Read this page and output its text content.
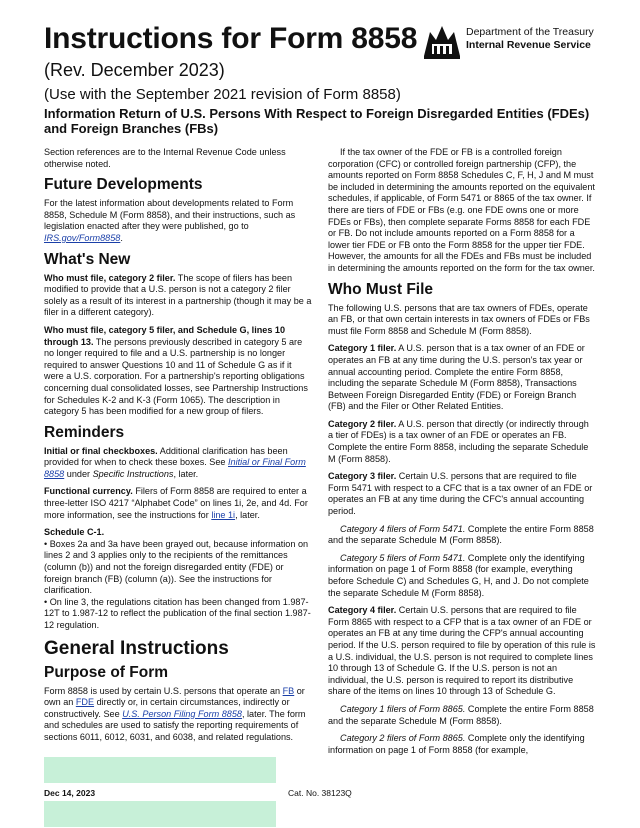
Instructions for Form 8858
(Rev. December 2023)
(Use with the September 2021 revision of Form 8858)
Information Return of U.S. Persons With Respect to Foreign Disregarded Entities (FDEs) and Foreign Branches (FBs)
Department of the Treasury
Internal Revenue Service

Section references are to the Internal Revenue Code unless otherwise noted.

Future Developments

For the latest information about developments related to Form 8858, Schedule M (Form 8858), and their instructions, such as legislation enacted after they were published, go to IRS.gov/Form8858.

What's New

Who must file, category 2 filer. The scope of filers has been modified to provide that a U.S. person is not a category 2 filer solely as a result of its interest in a partnership (though it may be a filer in a different category).

Who must file, category 5 filer, and Schedule G, lines 10 through 13. The persons previously described in category 5 are no longer required to file and a U.S. partnership is no longer required to answer Questions 10 and 11 of Schedule G as if it were a U.S. corporation. For a partnership's reporting obligations concerning dual consolidated losses, see Partnership Instructions for Schedules K-2 and K-3 (Form 1065). The description in category 5 has been modified for a new group of filers.

Reminders

Initial or final checkboxes. Additional clarification has been provided for when to check these boxes. See Initial or Final Form 8858 under Specific Instructions, later.

Functional currency. Filers of Form 8858 are required to enter a three-letter ISO 4217 “Alphabet Code” on lines 1i, 2e, and 4d. For more information, see the instructions for line 1i, later.

Schedule C-1.

• Boxes 2a and 3a have been grayed out, because information on lines 2 and 3 applies only to the recipients of the remittances (column (b)) and not the foreign disregarded entity (FDE) or foreign branch (FB) (column (a)). See the instructions for clarification.

• On line 3, the regulations citation has been changed from 1.987-12T to 1.987-12 to reflect the publication of the final section 1.987-12 regulation.

General Instructions
Purpose of Form

Form 8858 is used by certain U.S. persons that operate an FB or own an FDE directly or, in certain circumstances, indirectly or constructively. See U.S. Person Filing Form 8858, later. The form and schedules are used to satisfy the reporting requirements of sections 6011, 6012, 6031, and 6038, and related regulations.

If the tax owner of the FDE or FB is a controlled foreign corporation (CFC) or controlled foreign partnership (CFP), the amounts reported on Form 8858 Schedules C, F, H, J and M must be included in determining the amounts reported on the equivalent schedules, if applicable, of Form 5471 or 8865 of the tax owner. If there are tiers of FDE or FBs (e.g. one FDE owns one or more FDEs or FBs), then complete separate Forms 8858 for each FDE or FB. Do not include amounts reported on a Form 8858 for a lower tier FDE or FB onto the Form 8858 for the upper tier FDE. However, the amounts for all the FDEs and FBs must be included in determining the amounts reported on the form for the tax owner.

Who Must File

The following U.S. persons that are tax owners of FDEs, operate an FB, or that own certain interests in tax owners of FDEs or FBs must file Form 8858 and Schedule M (Form 8858).

Category 1 filer. A U.S. person that is a tax owner of an FDE or operates an FB at any time during the U.S. person's tax year or annual accounting period. Complete the entire Form 8858, including the separate Schedule M (Form 8858), Transactions Between Foreign Disregarded Entity (FDE) or Foreign Branch (FB) and the Filer or Other Related Entities.

Category 2 filer. A U.S. person that directly (or indirectly through a tier of FDEs) is a tax owner of an FDE or operates an FB. Complete the entire Form 8858, including the separate Schedule M (Form 8858).

Category 3 filer. Certain U.S. persons that are required to file Form 5471 with respect to a CFC that is a tax owner of an FDE or operates an FB at any time during the CFC's annual accounting period.

Category 4 filers of Form 5471. Complete the entire Form 8858 and the separate Schedule M (Form 8858).

Category 5 filers of Form 5471. Complete only the identifying information on page 1 of Form 8858 (for example, everything before Schedule C) and Schedules G, H, and J. Do not complete the separate Schedule M (Form 8858).

Category 4 filer. Certain U.S. persons that are required to file Form 8865 with respect to a CFP that is a tax owner of an FDE or operates an FB at any time during the CFP's annual accounting period. If the U.S. person required to file by operation of this rule is a U.S. individual, the U.S. person is not required to complete lines 10 through 13 of Schedule G. If the U.S. person is not an individual, the U.S. person is required to report its distributive share of the items on lines 10 through 13 of Schedule G.

Category 1 filers of Form 8865. Complete the entire Form 8858 and the separate Schedule M (Form 8858).

Category 2 filers of Form 8865. Complete only the identifying information on page 1 of Form 8858 (for example,

Dec 14, 2023	Cat. No. 38123Q
